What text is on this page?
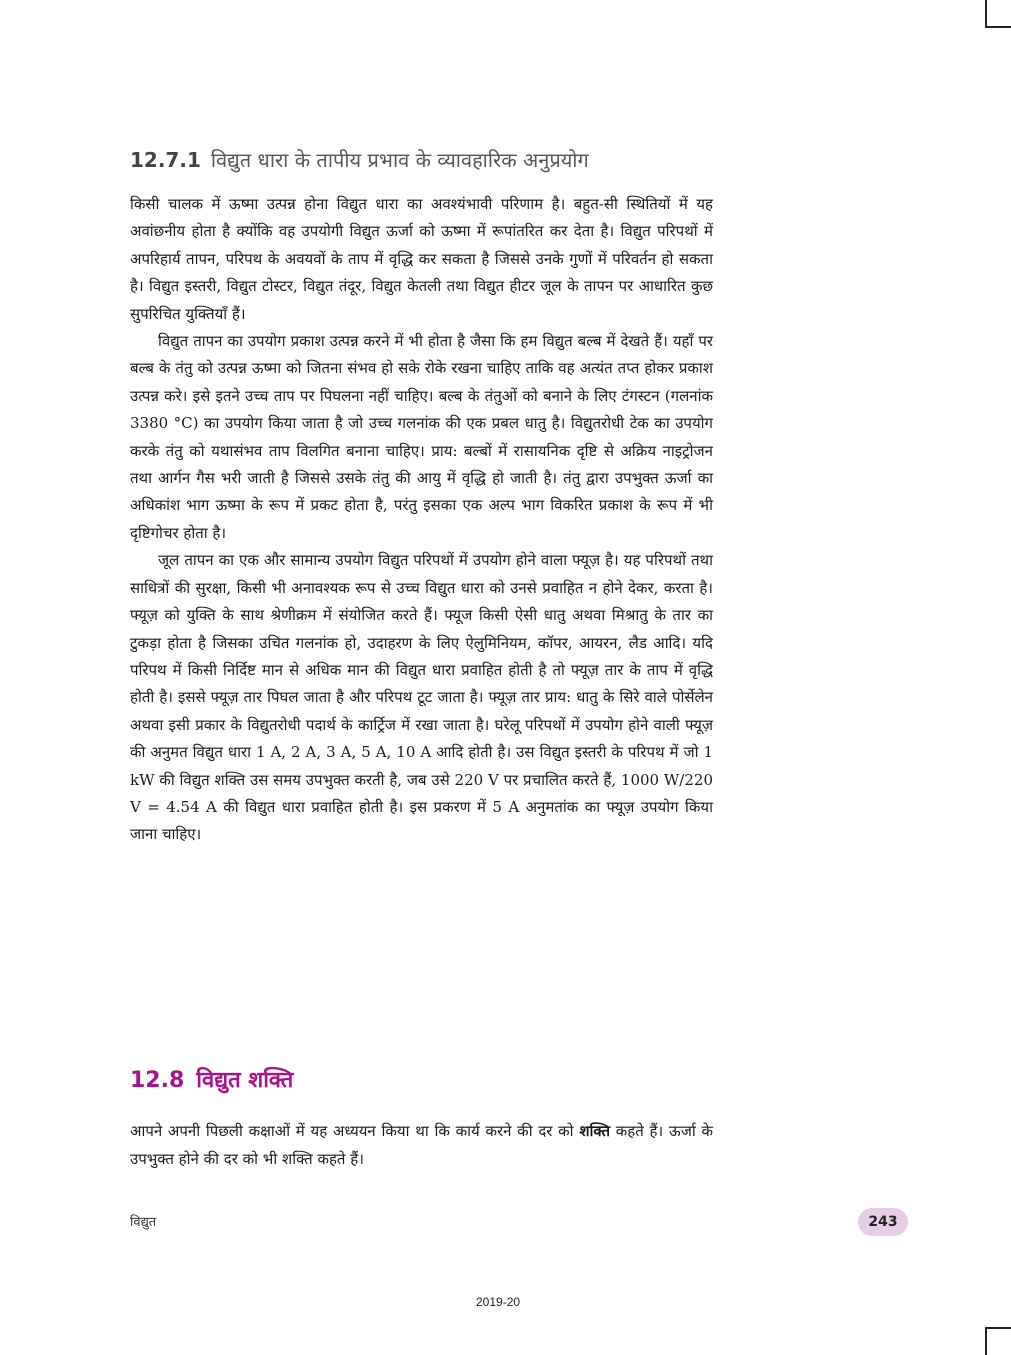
12.7.1 विद्युत धारा के तापीय प्रभाव के व्यावहारिक अनुप्रयोग

किसी चालक में ऊष्मा उत्पन्न होना विद्युत धारा का अवश्यंभावी परिणाम है। बहुत-सी स्थितियों में यह अवांछनीय होता है क्योंकि वह उपयोगी विद्युत ऊर्जा को ऊष्मा में रूपांतरित कर देता है। विद्युत परिपथों में अपरिहार्य तापन, परिपथ के अवयवों के ताप में वृद्धि कर सकता है जिससे उनके गुणों में परिवर्तन हो सकता है। विद्युत इस्तरी, विद्युत टोस्टर, विद्युत तंदूर, विद्युत केतली तथा विद्युत हीटर जूल के तापन पर आधारित कुछ सुपरिचित युक्तियाँ हैं।

विद्युत तापन का उपयोग प्रकाश उत्पन्न करने में भी होता है जैसा कि हम विद्युत बल्ब में देखते हैं। यहाँ पर बल्ब के तंतु को उत्पन्न ऊष्मा को जितना संभव हो सके रोके रखना चाहिए ताकि वह अत्यंत तप्त होकर प्रकाश उत्पन्न करे। इसे इतने उच्च ताप पर पिघलना नहीं चाहिए। बल्ब के तंतुओं को बनाने के लिए टंगस्टन (गलनांक 3380 °C) का उपयोग किया जाता है जो उच्च गलनांक की एक प्रबल धातु है। विद्युतरोधी टेक का उपयोग करके तंतु को यथासंभव ताप विलगित बनाना चाहिए। प्राय: बल्बों में रासायनिक दृष्टि से अक्रिय नाइट्रोजन तथा आर्गन गैस भरी जाती है जिससे उसके तंतु की आयु में वृद्धि हो जाती है। तंतु द्वारा उपभुक्त ऊर्जा का अधिकांश भाग ऊष्मा के रूप में प्रकट होता है, परंतु इसका एक अल्प भाग विकरित प्रकाश के रूप में भी दृष्टिगोचर होता है।

जूल तापन का एक और सामान्य उपयोग विद्युत परिपथों में उपयोग होने वाला फ्यूज़ है। यह परिपथों तथा साधित्रों की सुरक्षा, किसी भी अनावश्यक रूप से उच्च विद्युत धारा को उनसे प्रवाहित न होने देकर, करता है। फ्यूज़ को युक्ति के साथ श्रेणीक्रम में संयोजित करते हैं। फ्यूज किसी ऐसी धातु अथवा मिश्रातु के तार का टुकड़ा होता है जिसका उचित गलनांक हो, उदाहरण के लिए ऐलुमिनियम, कॉपर, आयरन, लैड आदि। यदि परिपथ में किसी निर्दिष्ट मान से अधिक मान की विद्युत धारा प्रवाहित होती है तो फ्यूज़ तार के ताप में वृद्धि होती है। इससे फ्यूज़ तार पिघल जाता है और परिपथ टूट जाता है। फ्यूज़ तार प्राय: धातु के सिरे वाले पोर्सेलेन अथवा इसी प्रकार के विद्युतरोधी पदार्थ के कार्ट्रिज में रखा जाता है। घरेलू परिपथों में उपयोग होने वाली फ्यूज़ की अनुमत विद्युत धारा 1 A, 2 A, 3 A, 5 A, 10 A आदि होती है। उस विद्युत इस्तरी के परिपथ में जो 1 kW की विद्युत शक्ति उस समय उपभुक्त करती है, जब उसे 220 V पर प्रचालित करते हैं, 1000 W/220 V = 4.54 A की विद्युत धारा प्रवाहित होती है। इस प्रकरण में 5 A अनुमतांक का फ्यूज़ उपयोग किया जाना चाहिए।

12.8 विद्युत शक्ति

आपने अपनी पिछली कक्षाओं में यह अध्ययन किया था कि कार्य करने की दर को शक्ति कहते हैं। ऊर्जा के उपभुक्त होने की दर को भी शक्ति कहते हैं।

विद्युत	243
2019-20
